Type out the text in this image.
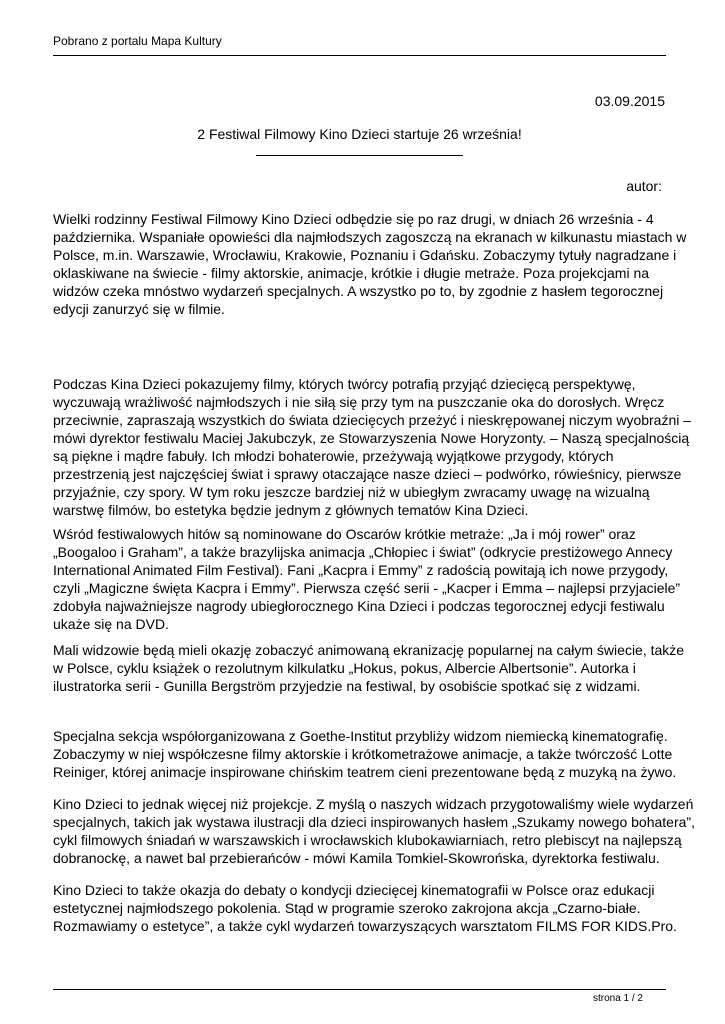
Pobrano z portalu Mapa Kultury
03.09.2015
2 Festiwal Filmowy Kino Dzieci startuje 26 września!
autor:
Wielki rodzinny Festiwal Filmowy Kino Dzieci odbędzie się po raz drugi, w dniach 26 września - 4
października. Wspaniałe opowieści dla najmłodszych zagoszczą na ekranach w kilkunastu miastach w
Polsce, m.in. Warszawie, Wrocławiu, Krakowie, Poznaniu i Gdańsku. Zobaczymy tytuły nagradzane i
oklaskiwane na świecie - filmy aktorskie, animacje, krótkie i długie metraże. Poza projekcjami na
widzów czeka mnóstwo wydarzeń specjalnych. A wszystko po to, by zgodnie z hasłem tegorocznej
edycji zanurzyć się w filmie.
Podczas Kina Dzieci pokazujemy filmy, których twórcy potrafią przyjąć dziecięcą perspektywę,
wyczuwają wrażliwość najmłodszych i nie siłą się przy tym na puszczanie oka do dorosłych. Wręcz
przeciwnie, zapraszają wszystkich do świata dziecięcych przeżyć i nieskrępowanej niczym wyobraźni –
mówi dyrektor festiwalu Maciej Jakubczyk, ze Stowarzyszenia Nowe Horyzonty. – Naszą specjalnością
są piękne i mądre fabuły. Ich młodzi bohaterowie, przeżywają wyjątkowe przygody, których
przestrzenią jest najczęściej świat i sprawy otaczające nasze dzieci – podwórko, rówieśnicy, pierwsze
przyjaźnie, czy spory. W tym roku jeszcze bardziej niż w ubiegłym zwracamy uwagę na wizualną
warstwę filmów, bo estetyka będzie jednym z głównych tematów Kina Dzieci.
Wśród festiwalowych hitów są nominowane do Oscarów krótkie metraże: „Ja i mój rower” oraz
„Boogaloo i Graham”, a także brazylijska animacja „Chłopiec i świat” (odkrycie prestiżowego Annecy
International Animated Film Festival). Fani „Kacpra i Emmy” z radością powitają ich nowe przygody,
czyli „Magiczne święta Kacpra i Emmy”. Pierwsza część serii - „Kacper i Emma – najlepsi przyjaciele”
zdobyła najważniejsze nagrody ubiegłorocznego Kina Dzieci i podczas tegorocznej edycji festiwalu
ukaże się na DVD.
Mali widzowie będą mieli okazję zobaczyć animowaną ekranizację popularnej na całym świecie, także
w Polsce, cyklu książek o rezolutnym kilkulatku „Hokus, pokus, Albercie Albertsonie”. Autorka i
ilustratorka serii - Gunilla Bergström przyjedzie na festiwal, by osobiście spotkać się z widzami.
Specjalna sekcja współorganizowana z Goethe-Institut przybliży widzom niemiecką kinematografię.
Zobaczymy w niej współczesne filmy aktorskie i krótkometrażowe animacje, a także twórczość Lotte
Reiniger, której animacje inspirowane chińskim teatrem cieni prezentowane będą z muzyką na żywo.
Kino Dzieci to jednak więcej niż projekcje. Z myślą o naszych widzach przygotowaliśmy wiele wydarzeń
specjalnych, takich jak wystawa ilustracji dla dzieci inspirowanych hasłem „Szukamy nowego bohatera”,
cykl filmowych śniadań w warszawskich i wrocławskich klubokawiarniach, retro plebiscyt na najlepszą
dobranockę, a nawet bal przebierańców - mówi Kamila Tomkiel-Skowrońska, dyrektorka festiwalu.
Kino Dzieci to także okazja do debaty o kondycji dziecięcej kinematografii w Polsce oraz edukacji
estetycznej najmłodszego pokolenia. Stąd w programie szeroko zakrojona akcja „Czarno-białe.
Rozmawiamy o estetyce”, a także cykl wydarzeń towarzyszących warsztatom FILMS FOR KIDS.Pro.
strona 1 / 2
